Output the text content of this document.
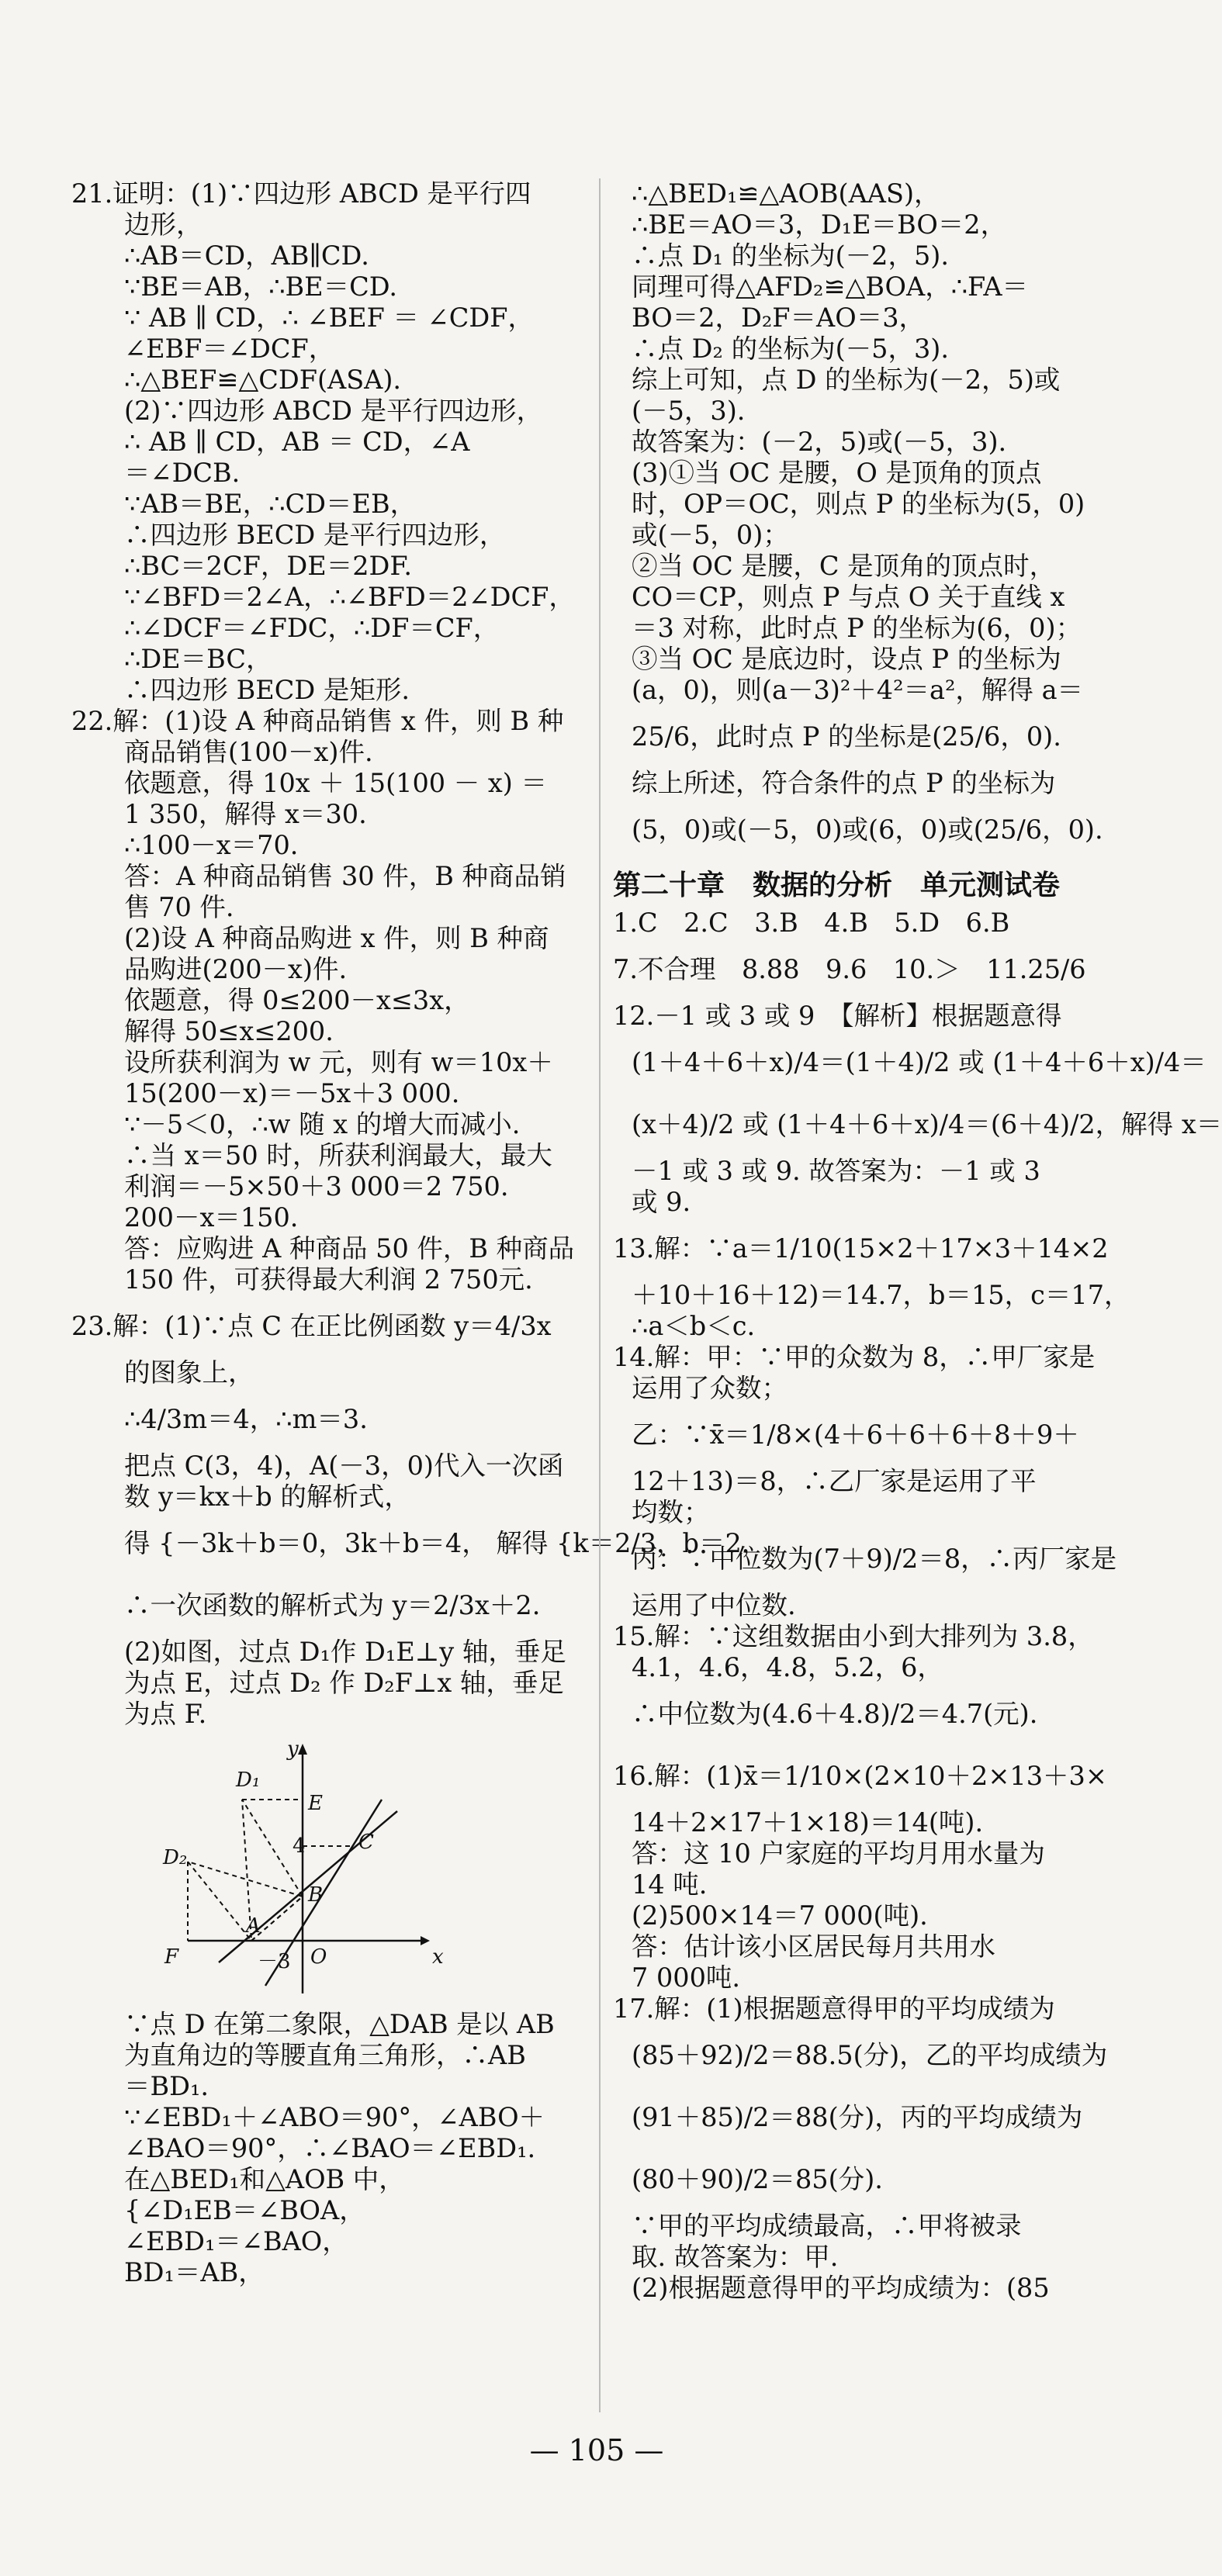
21.证明：(1)∵四边形 ABCD 是平行四
边形，
∴AB＝CD，AB∥CD.
∵BE＝AB，∴BE＝CD.
∵ AB ∥ CD，∴ ∠BEF ＝ ∠CDF，
∠EBF＝∠DCF，
∴△BEF≌△CDF(ASA).
(2)∵四边形 ABCD 是平行四边形，
∴ AB ∥ CD，AB ＝ CD，∠A
＝∠DCB.
∵AB＝BE，∴CD＝EB，
∴四边形 BECD 是平行四边形，
∴BC＝2CF，DE＝2DF.
∵∠BFD＝2∠A，∴∠BFD＝2∠DCF，
∴∠DCF＝∠FDC，∴DF＝CF，
∴DE＝BC，
∴四边形 BECD 是矩形.
22.解：(1)设 A 种商品销售 x 件，则 B 种
商品销售(100－x)件.
依题意，得 10x ＋ 15(100 － x) ＝
1 350，解得 x＝30.
∴100－x＝70.
答：A 种商品销售 30 件，B 种商品销
售 70 件.
(2)设 A 种商品购进 x 件，则 B 种商
品购进(200－x)件.
依题意，得 0≤200－x≤3x，
解得 50≤x≤200.
设所获利润为 w 元，则有 w＝10x＋
15(200－x)＝－5x＋3 000.
∵－5＜0，∴w 随 x 的增大而减小.
∴当 x＝50 时，所获利润最大，最大
利润＝－5×50＋3 000＝2 750.
200－x＝150.
答：应购进 A 种商品 50 件，B 种商品
150 件，可获得最大利润 2 750元.
23.解：(1)∵点 C 在正比例函数 y＝4/3x
的图象上，
∴4/3m＝4，∴m＝3.
把点 C(3，4)，A(－3，0)代入一次函
数 y＝kx＋b 的解析式，
得 {－3k＋b＝0，3k＋b＝4， 解得 {k＝2/3，b＝2，
∴一次函数的解析式为 y＝2/3x＋2.
(2)如图，过点 D₁作 D₁E⊥y 轴，垂足
为点 E，过点 D₂ 作 D₂F⊥x 轴，垂足
为点 F.
D₁
E
C
D₂	4
B
A
F	－3 O	x
y
∵点 D 在第二象限，△DAB 是以 AB
为直角边的等腰直角三角形，∴AB
＝BD₁.
∵∠EBD₁＋∠ABO＝90°，∠ABO＋
∠BAO＝90°，∴∠BAO＝∠EBD₁.
在△BED₁和△AOB 中，
{∠D₁EB＝∠BOA，
∠EBD₁＝∠BAO，
BD₁＝AB，
∴△BED₁≌△AOB(AAS)，
∴BE＝AO＝3，D₁E＝BO＝2，
∴点 D₁ 的坐标为(－2，5).
同理可得△AFD₂≌△BOA，∴FA＝
BO＝2，D₂F＝AO＝3，
∴点 D₂ 的坐标为(－5，3).
综上可知，点 D 的坐标为(－2，5)或
(－5，3).
故答案为：(－2，5)或(－5，3).
(3)①当 OC 是腰，O 是顶角的顶点
时，OP＝OC，则点 P 的坐标为(5，0)
或(－5，0)；
②当 OC 是腰，C 是顶角的顶点时，
CO＝CP，则点 P 与点 O 关于直线 x
＝3 对称，此时点 P 的坐标为(6，0)；
③当 OC 是底边时，设点 P 的坐标为
(a，0)，则(a－3)²＋4²＝a²，解得 a＝
25/6，此时点 P 的坐标是(25/6，0).
综上所述，符合条件的点 P 的坐标为
(5，0)或(－5，0)或(6，0)或(25/6，0).
第二十章　数据的分析　单元测试卷
1.C　2.C　3.B　4.B　5.D　6.B
7.不合理　8.88　9.6　10.＞　11.25/6
12.－1 或 3 或 9　【解析】根据题意得
(1＋4＋6＋x)/4＝(1＋4)/2 或 (1＋4＋6＋x)/4＝
(x＋4)/2 或 (1＋4＋6＋x)/4＝(6＋4)/2，解得 x＝
－1 或 3 或 9. 故答案为：－1 或 3
或 9.
13.解：∵a＝1/10(15×2＋17×3＋14×2
＋10＋16＋12)＝14.7，b＝15，c＝17，
∴a＜b＜c.
14.解：甲：∵甲的众数为 8，∴甲厂家是
运用了众数；
乙：∵x̄＝1/8×(4＋6＋6＋6＋8＋9＋
12＋13)＝8，∴乙厂家是运用了平
均数；
丙：∵中位数为(7＋9)/2＝8，∴丙厂家是
运用了中位数.
15.解：∵这组数据由小到大排列为 3.8，
4.1，4.6，4.8，5.2，6，
∴中位数为(4.6＋4.8)/2＝4.7(元).
16.解：(1)x̄＝1/10×(2×10＋2×13＋3×
14＋2×17＋1×18)＝14(吨).
答：这 10 户家庭的平均月用水量为
14 吨.
(2)500×14＝7 000(吨).
答：估计该小区居民每月共用水
7 000吨.
17.解：(1)根据题意得甲的平均成绩为
(85＋92)/2＝88.5(分)，乙的平均成绩为
(91＋85)/2＝88(分)，丙的平均成绩为
(80＋90)/2＝85(分).
∵甲的平均成绩最高，∴甲将被录
取. 故答案为：甲.
(2)根据题意得甲的平均成绩为：(85
— 105 —
